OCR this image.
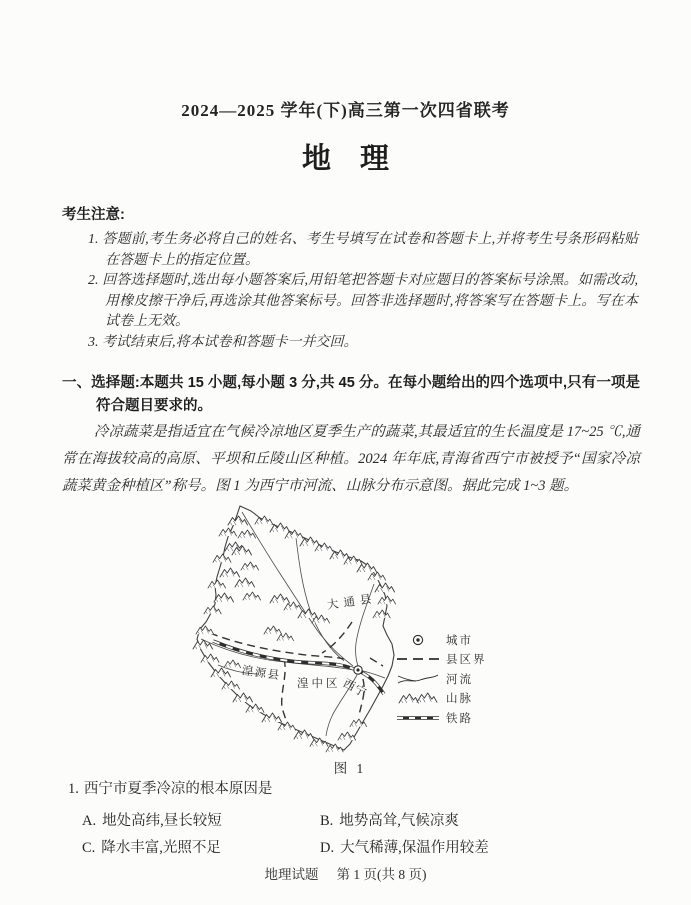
2024—2025 学年(下)高三第一次四省联考
地　理
考生注意:
1. 答题前,考生务必将自己的姓名、考生号填写在试卷和答题卡上,并将考生号条形码粘贴在答题卡上的指定位置。
2. 回答选择题时,选出每小题答案后,用铅笔把答题卡对应题目的答案标号涂黑。如需改动,用橡皮擦干净后,再选涂其他答案标号。回答非选择题时,将答案写在答题卡上。写在本试卷上无效。
3. 考试结束后,将本试卷和答题卡一并交回。
一、选择题:本题共 15 小题,每小题 3 分,共 45 分。在每小题给出的四个选项中,只有一项是符合题目要求的。
冷凉蔬菜是指适宜在气候冷凉地区夏季生产的蔬菜,其最适宜的生长温度是 17~25 ℃,通常在海拔较高的高原、平坝和丘陵山区种植。2024 年年底,青海省西宁市被授予“国家冷凉蔬菜黄金种植区”称号。图 1 为西宁市河流、山脉分布示意图。据此完成 1~3 题。
大通县
湟源县
湟中区 西宁
城市
县区界
河流
山脉
铁路
图 1
1. 西宁市夏季冷凉的根本原因是
A. 地处高纬,昼长较短	B. 地势高耸,气候凉爽
C. 降水丰富,光照不足	D. 大气稀薄,保温作用较差
地理试题 第 1 页(共 8 页)
